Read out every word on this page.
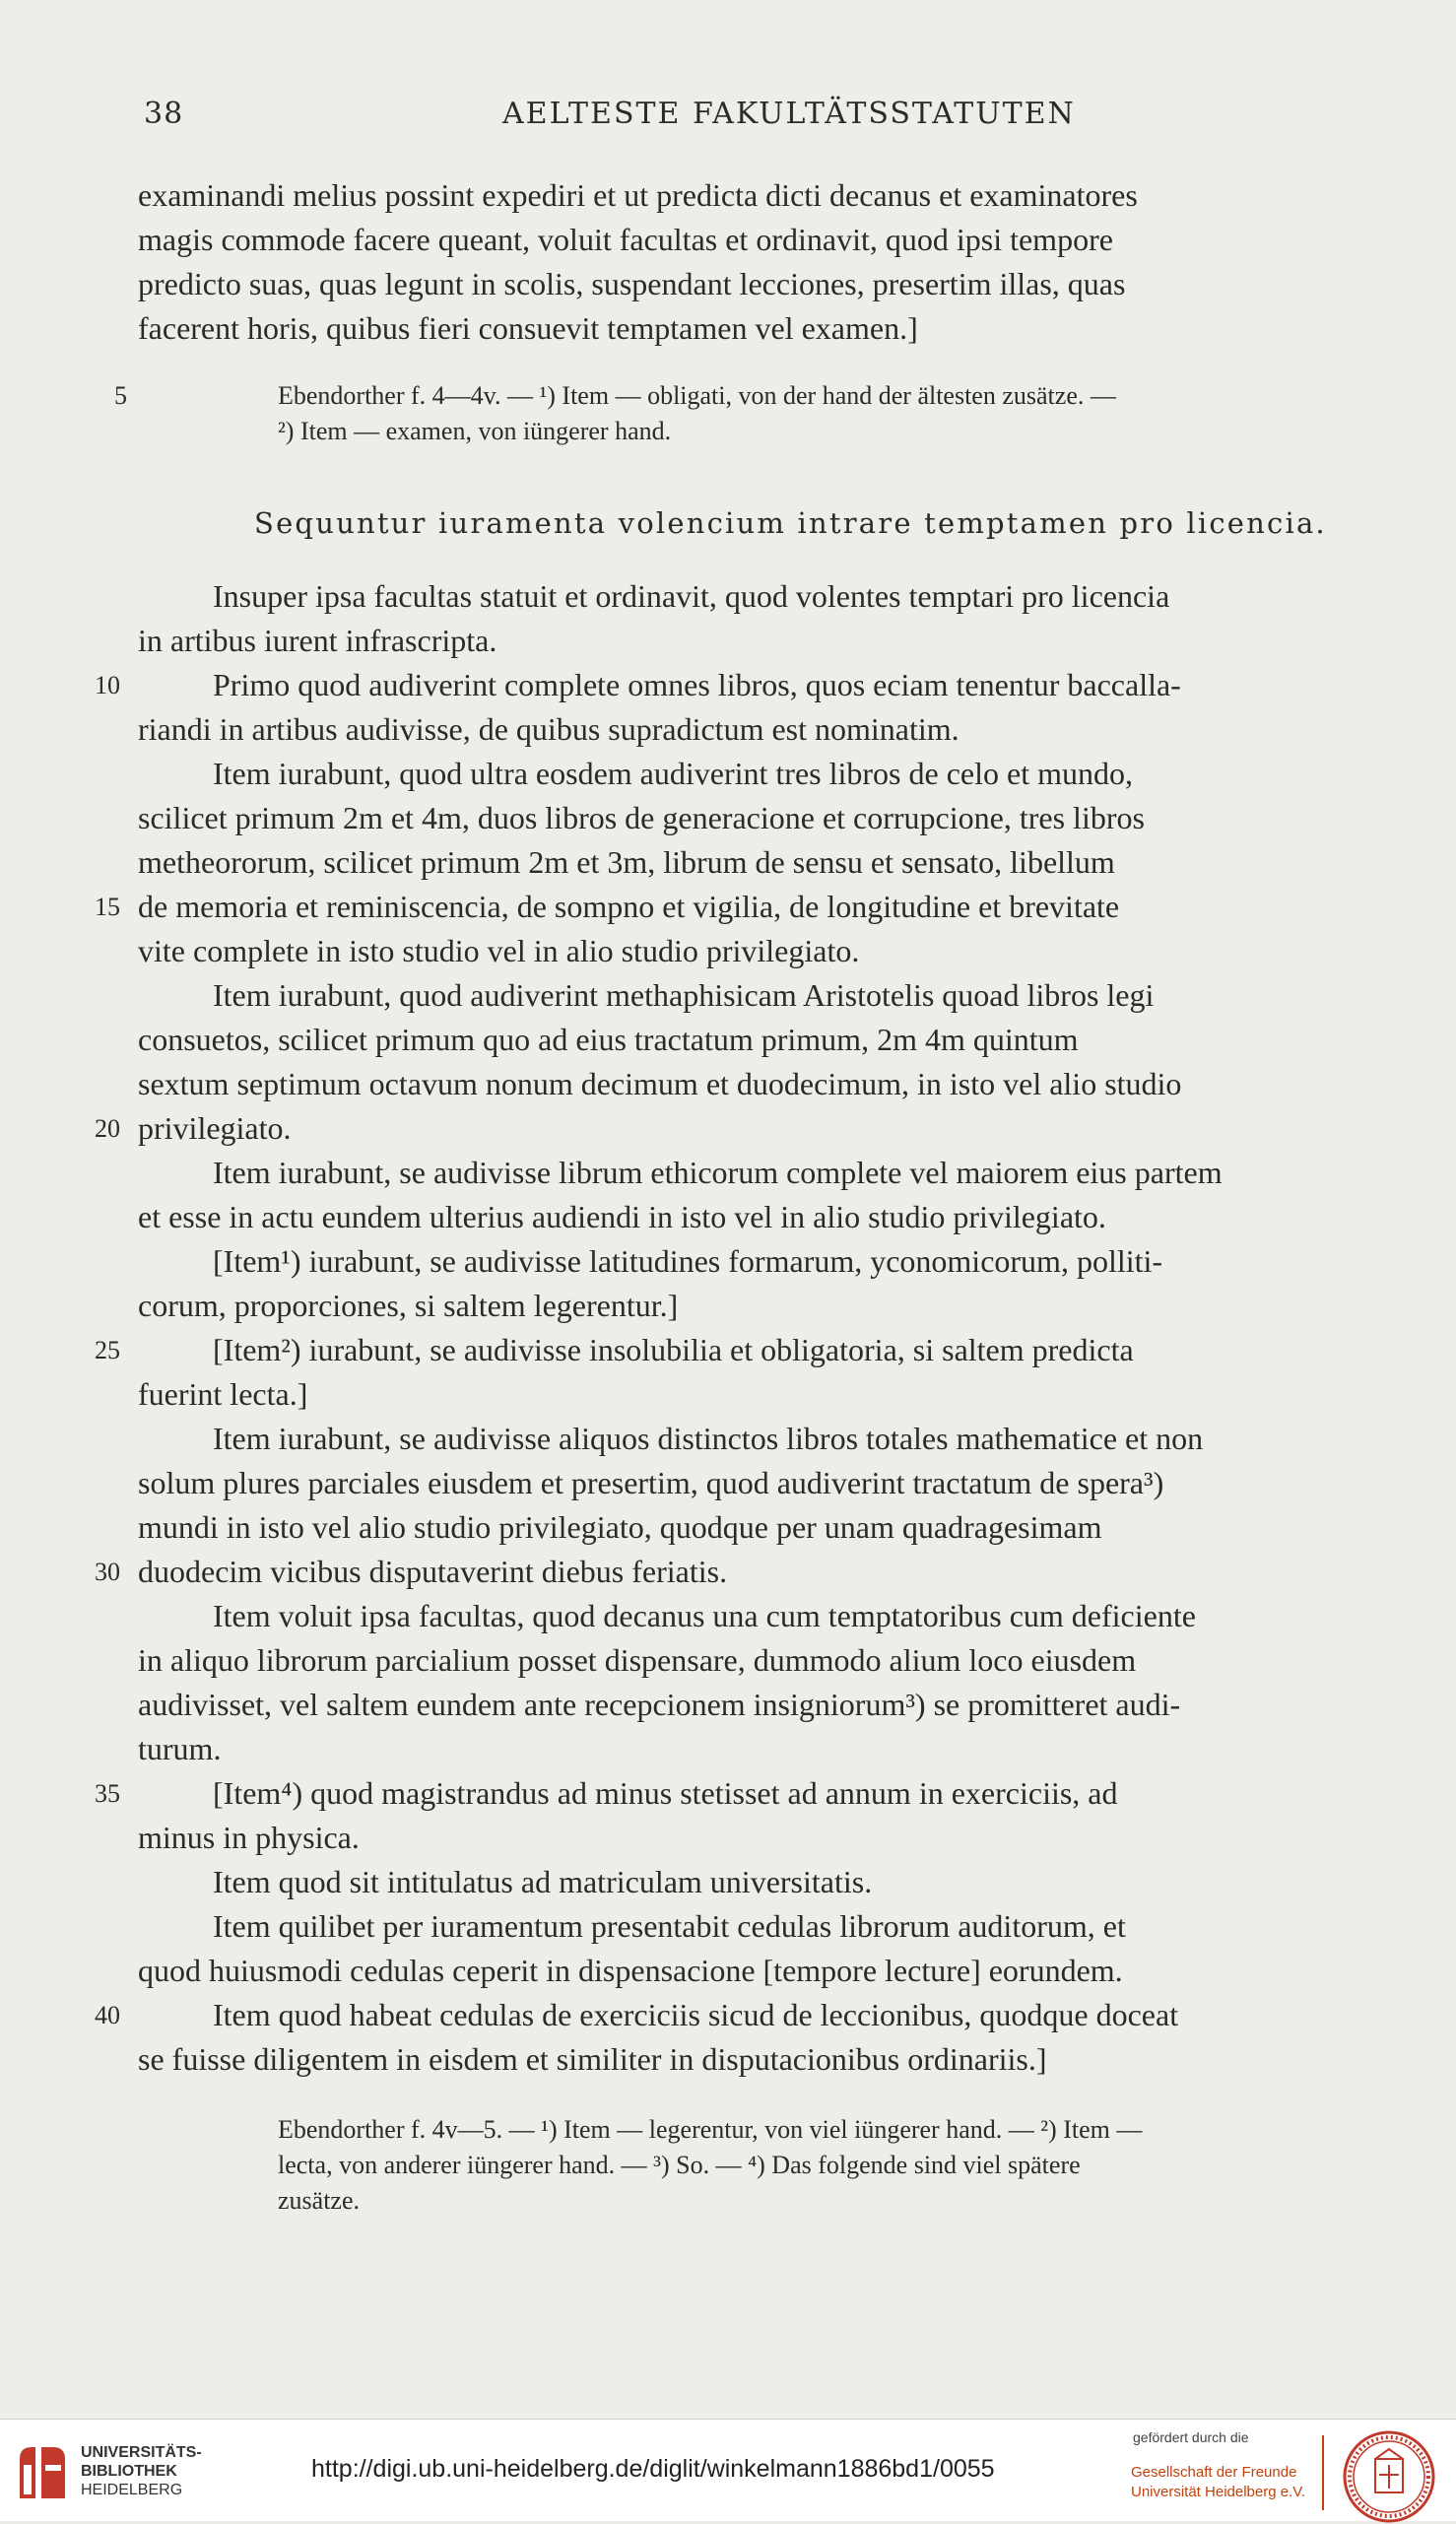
38	AELTESTE FAKULTÄTSSTATUTEN
examinandi melius possint expediri et ut predicta dicti decanus et examinatores
magis commode facere queant, voluit facultas et ordinavit, quod ipsi tempore
predicto suas, quas legunt in scolis, suspendant lecciones, presertim illas, quas
facerent horis, quibus fieri consuevit temptamen vel examen.]
5	Ebendorther f. 4—4v. — ¹) Item — obligati, von der hand der ältesten zusätze. —
²) Item — examen, von iüngerer hand.
Sequuntur iuramenta volencium intrare temptamen pro licencia.
Insuper ipsa facultas statuit et ordinavit, quod volentes temptari pro licencia
in artibus iurent infrascripta.
10	Primo quod audiverint complete omnes libros, quos eciam tenentur baccalla-
riandi in artibus audivisse, de quibus supradictum est nominatim.
Item iurabunt, quod ultra eosdem audiverint tres libros de celo et mundo,
scilicet primum 2m et 4m, duos libros de generacione et corrupcione, tres libros
metheororum, scilicet primum 2m et 3m, librum de sensu et sensato, libellum
15 de memoria et reminiscencia, de sompno et vigilia, de longitudine et brevitate
vite complete in isto studio vel in alio studio privilegiato.
Item iurabunt, quod audiverint methaphisicam Aristotelis quoad libros legi
consuetos, scilicet primum quo ad eius tractatum primum, 2m 4m quintum
sextum septimum octavum nonum decimum et duodecimum, in isto vel alio studio
20 privilegiato.
Item iurabunt, se audivisse librum ethicorum complete vel maiorem eius partem
et esse in actu eundem ulterius audiendi in isto vel in alio studio privilegiato.
[Item¹) iurabunt, se audivisse latitudines formarum, yconomicorum, polliti-
corum, proporciones, si saltem legerentur.]
25	[Item²) iurabunt, se audivisse insolubilia et obligatoria, si saltem predicta
fuerint lecta.]
Item iurabunt, se audivisse aliquos distinctos libros totales mathematice et non
solum plures parciales eiusdem et presertim, quod audiverint tractatum de spera³)
mundi in isto vel alio studio privilegiato, quodque per unam quadragesimam
30 duodecim vicibus disputaverint diebus feriatis.
Item voluit ipsa facultas, quod decanus una cum temptatoribus cum deficiente
in aliquo librorum parcialium posset dispensare, dummodo alium loco eiusdem
audivisset, vel saltem eundem ante recepcionem insigniorum³) se promitteret audi-
turum.
35	[Item⁴) quod magistrandus ad minus stetisset ad annum in exerciciis, ad
minus in physica.
Item quod sit intitulatus ad matriculam universitatis.
Item quilibet per iuramentum presentabit cedulas librorum auditorum, et
quod huiusmodi cedulas ceperit in dispensacione [tempore lecture] eorundem.
40	Item quod habeat cedulas de exerciciis sicud de leccionibus, quodque doceat
se fuisse diligentem in eisdem et similiter in disputacionibus ordinariis.]
Ebendorther f. 4v—5. — ¹) Item — legerentur, von viel iüngerer hand. — ²) Item —
lecta, von anderer iüngerer hand. — ³) So. — ⁴) Das folgende sind viel spätere
zusätze.
UNIVERSITÄTS-
BIBLIOTHEK
HEIDELBERG
http://digi.ub.uni-heidelberg.de/diglit/winkelmann1886bd1/0055
gefördert durch die
Gesellschaft der Freunde
Universität Heidelberg e.V.
